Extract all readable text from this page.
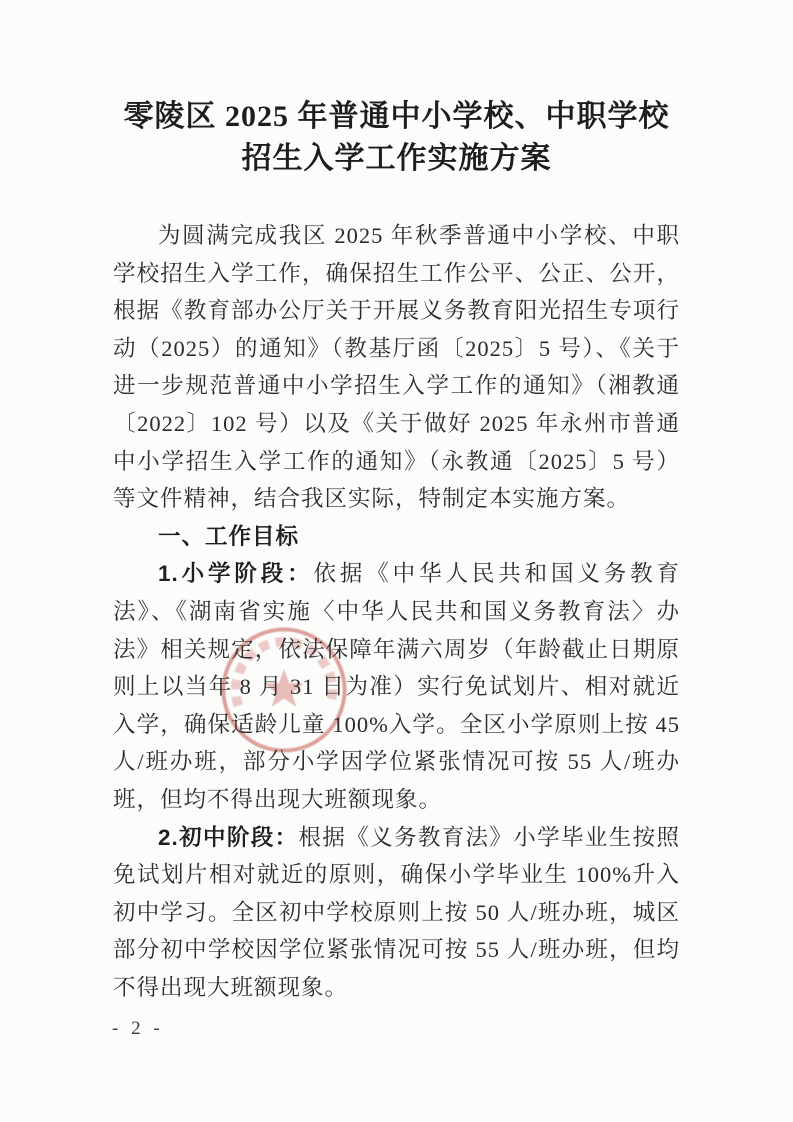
零陵区 2025 年普通中小学校、中职学校
招生入学工作实施方案

为圆满完成我区 2025 年秋季普通中小学校、中职学校招生入学工作，确保招生工作公平、公正、公开，根据《教育部办公厅关于开展义务教育阳光招生专项行动（2025）的通知》（教基厅函〔2025〕5 号）、《关于进一步规范普通中小学招生入学工作的通知》（湘教通〔2022〕102 号）以及《关于做好 2025 年永州市普通中小学招生入学工作的通知》（永教通〔2025〕5 号）等文件精神，结合我区实际，特制定本实施方案。

一、工作目标

1.小学阶段：依据《中华人民共和国义务教育法》、《湖南省实施〈中华人民共和国义务教育法〉办法》相关规定，依法保障年满六周岁（年龄截止日期原则上以当年 8 月 31 日为准）实行免试划片、相对就近入学，确保适龄儿童 100%入学。全区小学原则上按 45 人/班办班，部分小学因学位紧张情况可按 55 人/班办班，但均不得出现大班额现象。

2.初中阶段：根据《义务教育法》小学毕业生按照免试划片相对就近的原则，确保小学毕业生 100%升入初中学习。全区初中学校原则上按 50 人/班办班，城区部分初中学校因学位紧张情况可按 55 人/班办班，但均不得出现大班额现象。

- 2 -
